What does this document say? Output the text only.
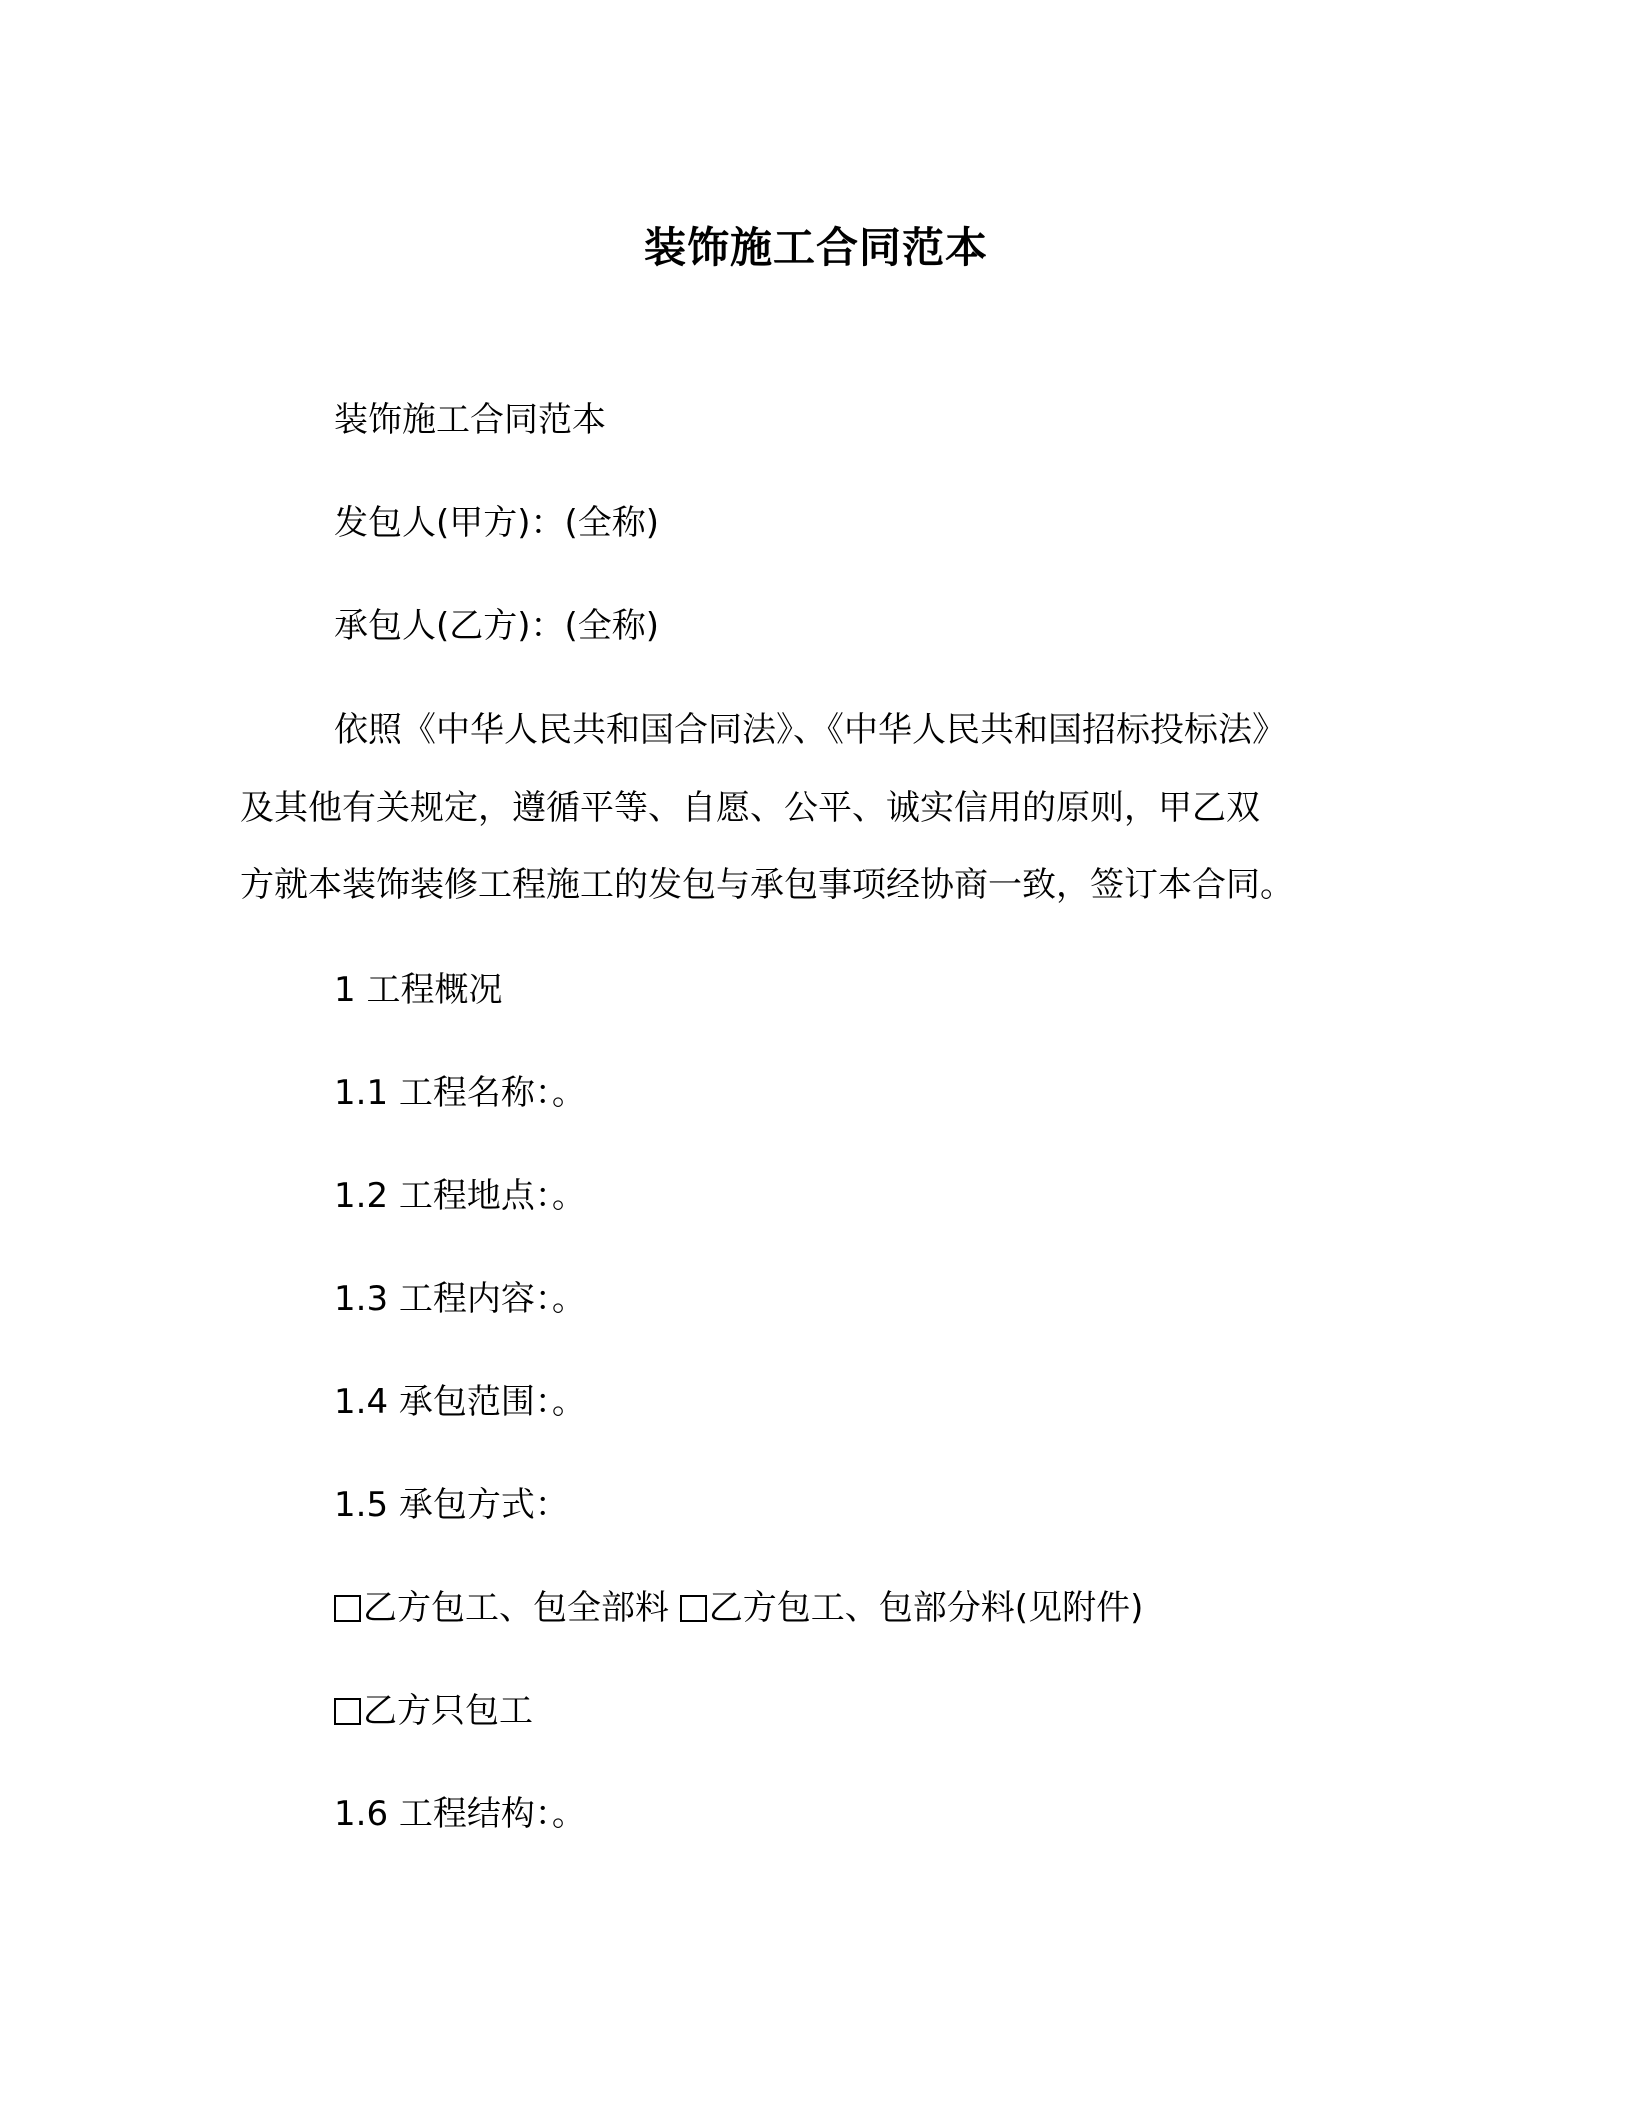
装饰施工合同范本
装饰施工合同范本
发包人(甲方)：(全称)
承包人(乙方)：(全称)
依照《中华人民共和国合同法》、《中华人民共和国招标投标法》
及其他有关规定，遵循平等、自愿、公平、诚实信用的原则，甲乙双
方就本装饰装修工程施工的发包与承包事项经协商一致，签订本合同。
1 工程概况
1.1 工程名称：。
1.2 工程地点：。
1.3 工程内容：。
1.4 承包范围：。
1.5 承包方式：
乙方包工、包全部料 乙方包工、包部分料(见附件)
乙方只包工
1.6 工程结构：。
